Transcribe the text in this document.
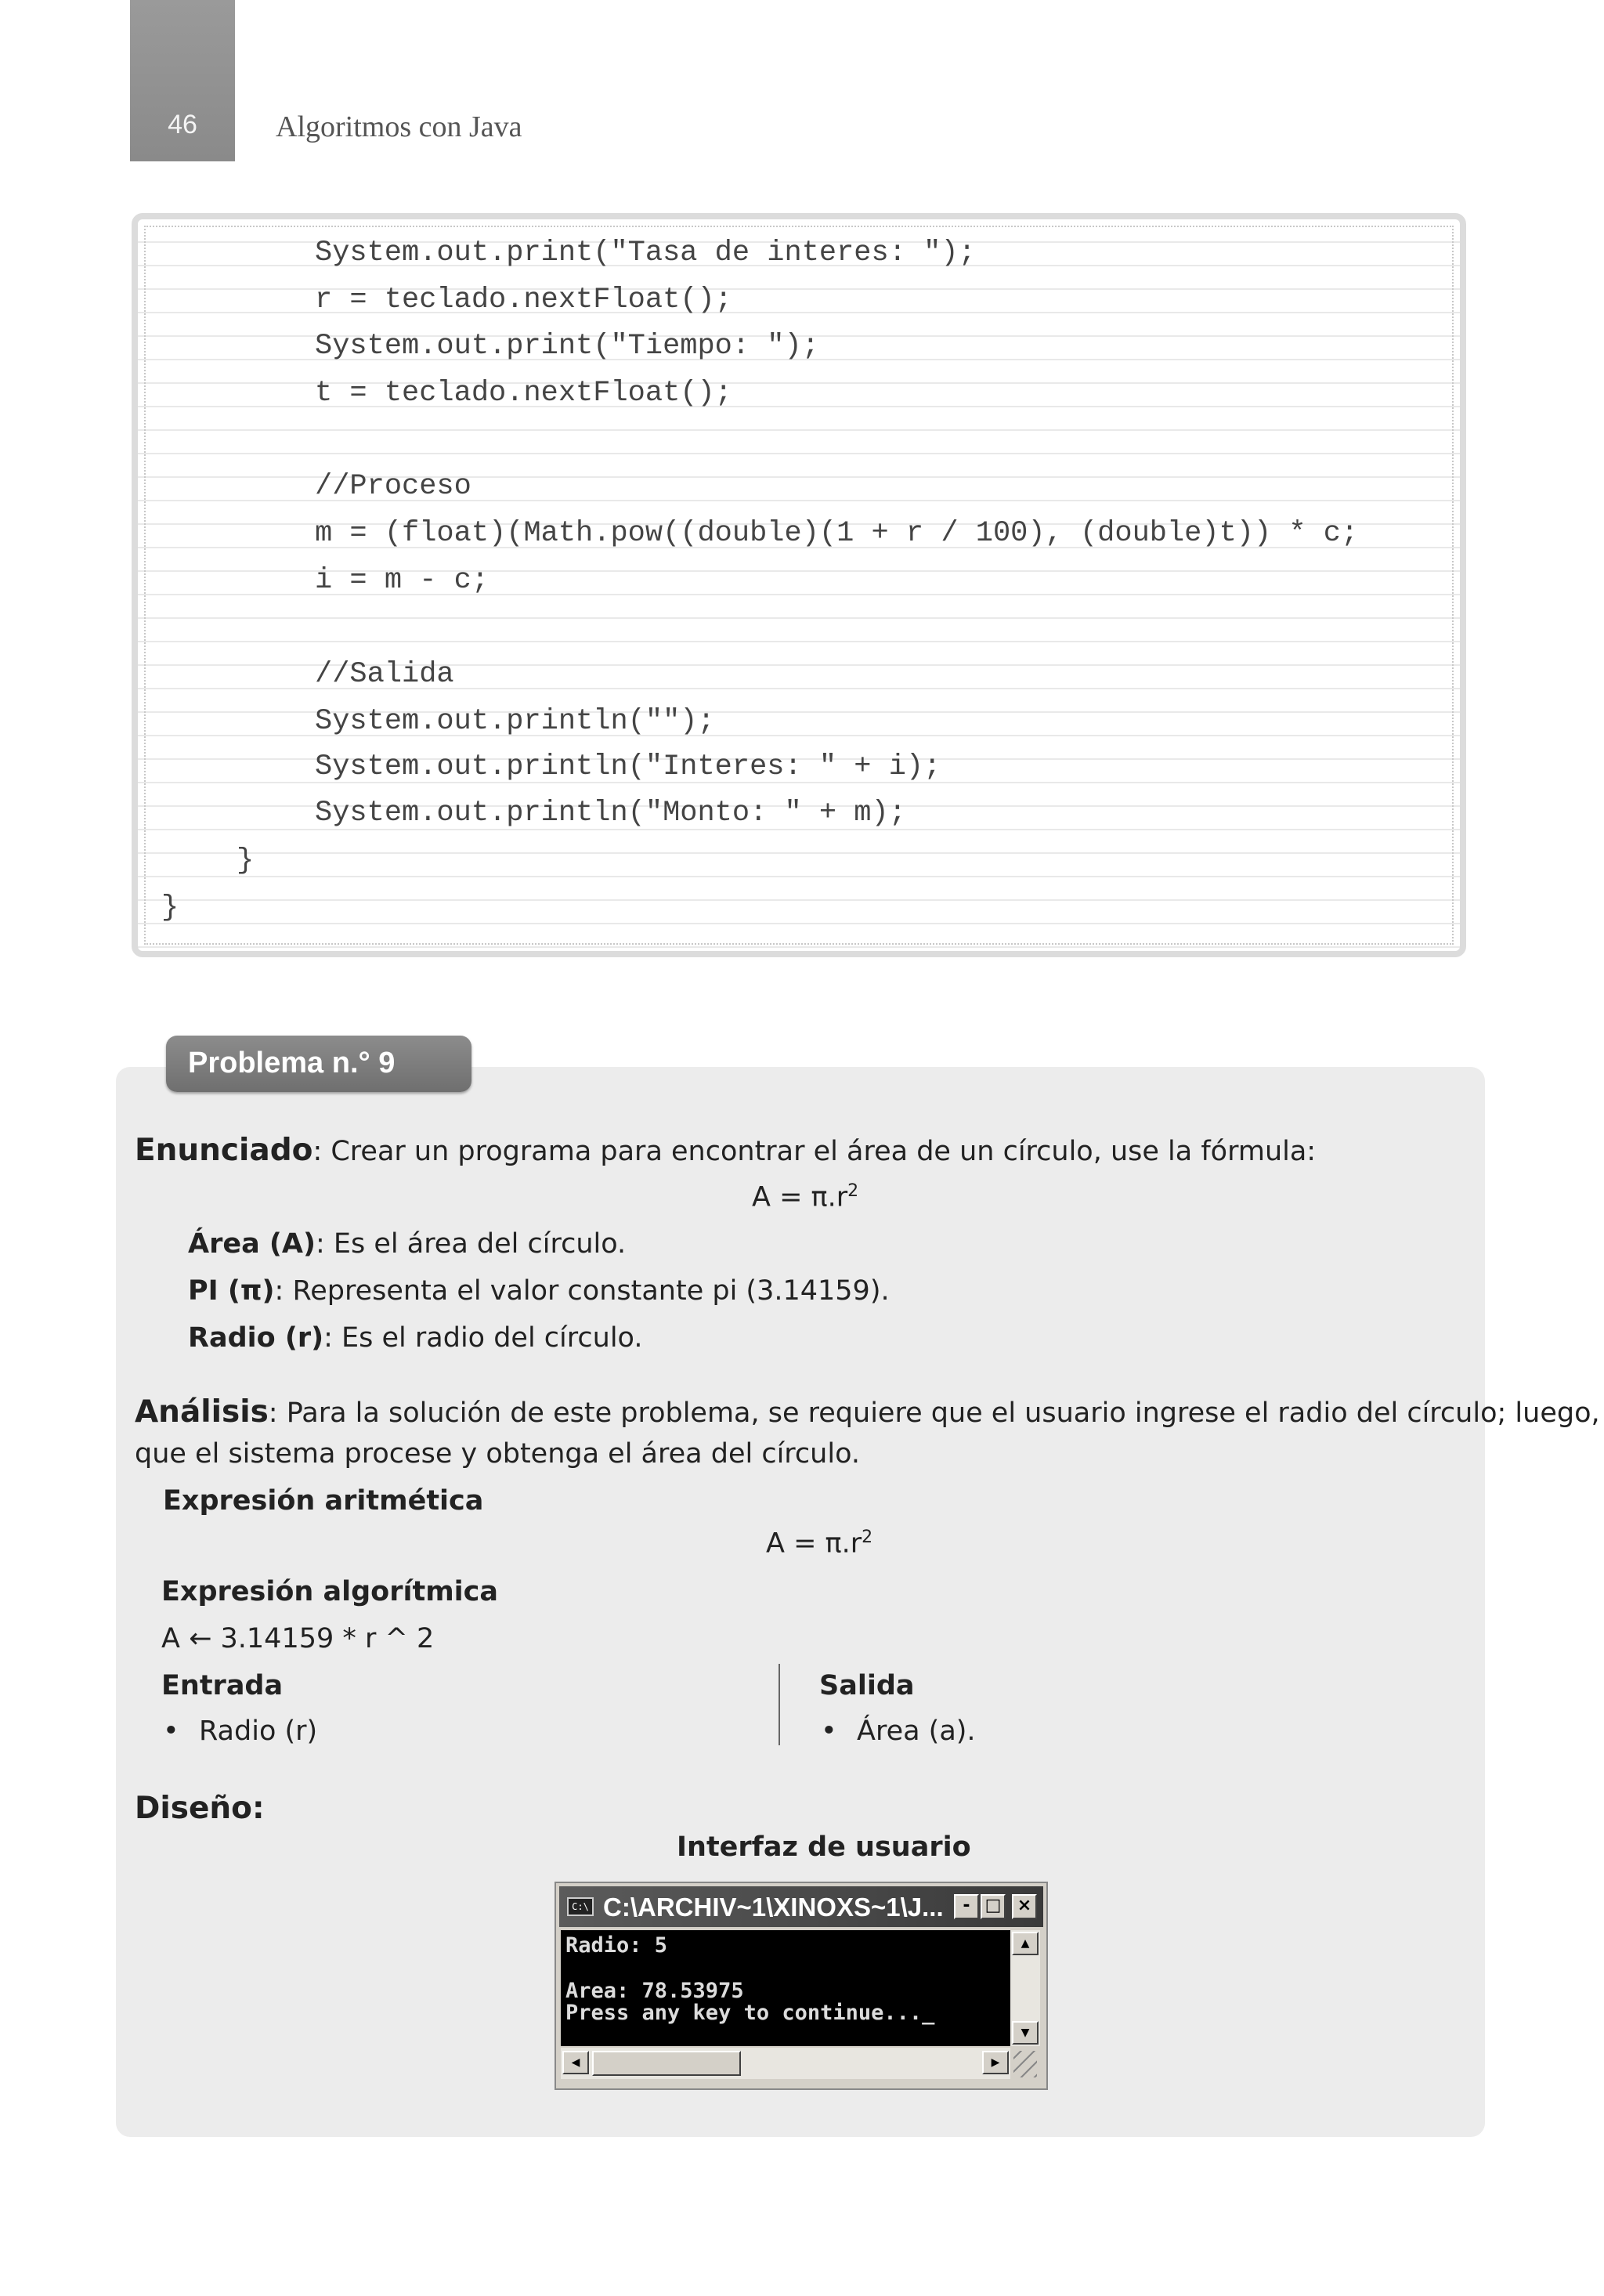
46	Algoritmos con Java
System.out.print("Tasa de interes: ");
r = teclado.nextFloat();
System.out.print("Tiempo: ");
t = teclado.nextFloat();
//Proceso
m = (float)(Math.pow((double)(1 + r / 100), (double)t)) * c;
i = m - c;
//Salida
System.out.println("");
System.out.println("Interes: " + i);
System.out.println("Monto: " + m);
}
}
Problema n.° 9
Enunciado: Crear un programa para encontrar el área de un círculo, use la fórmula:
$A = \pi.r^2$
Área (A): Es el área del círculo.
PI (π): Representa el valor constante pi (3.14159).
Radio (r): Es el radio del círculo.
Análisis: Para la solución de este problema, se requiere que el usuario ingrese el radio del círculo; luego,
que el sistema procese y obtenga el área del círculo.
Expresión aritmética
$A = \pi.r^2$
Expresión algorítmica
A ← 3.14159 * r ^ 2
Entrada
• Radio (r)
Salida
• Área (a).
Diseño:
Interfaz de usuario
C:\ C:\ARCHIV~1\XINOXS~1\J...	- □ ×
Radio: 5
Area: 78.53975
Press any key to continue..._
▲
▼
◀	▶
